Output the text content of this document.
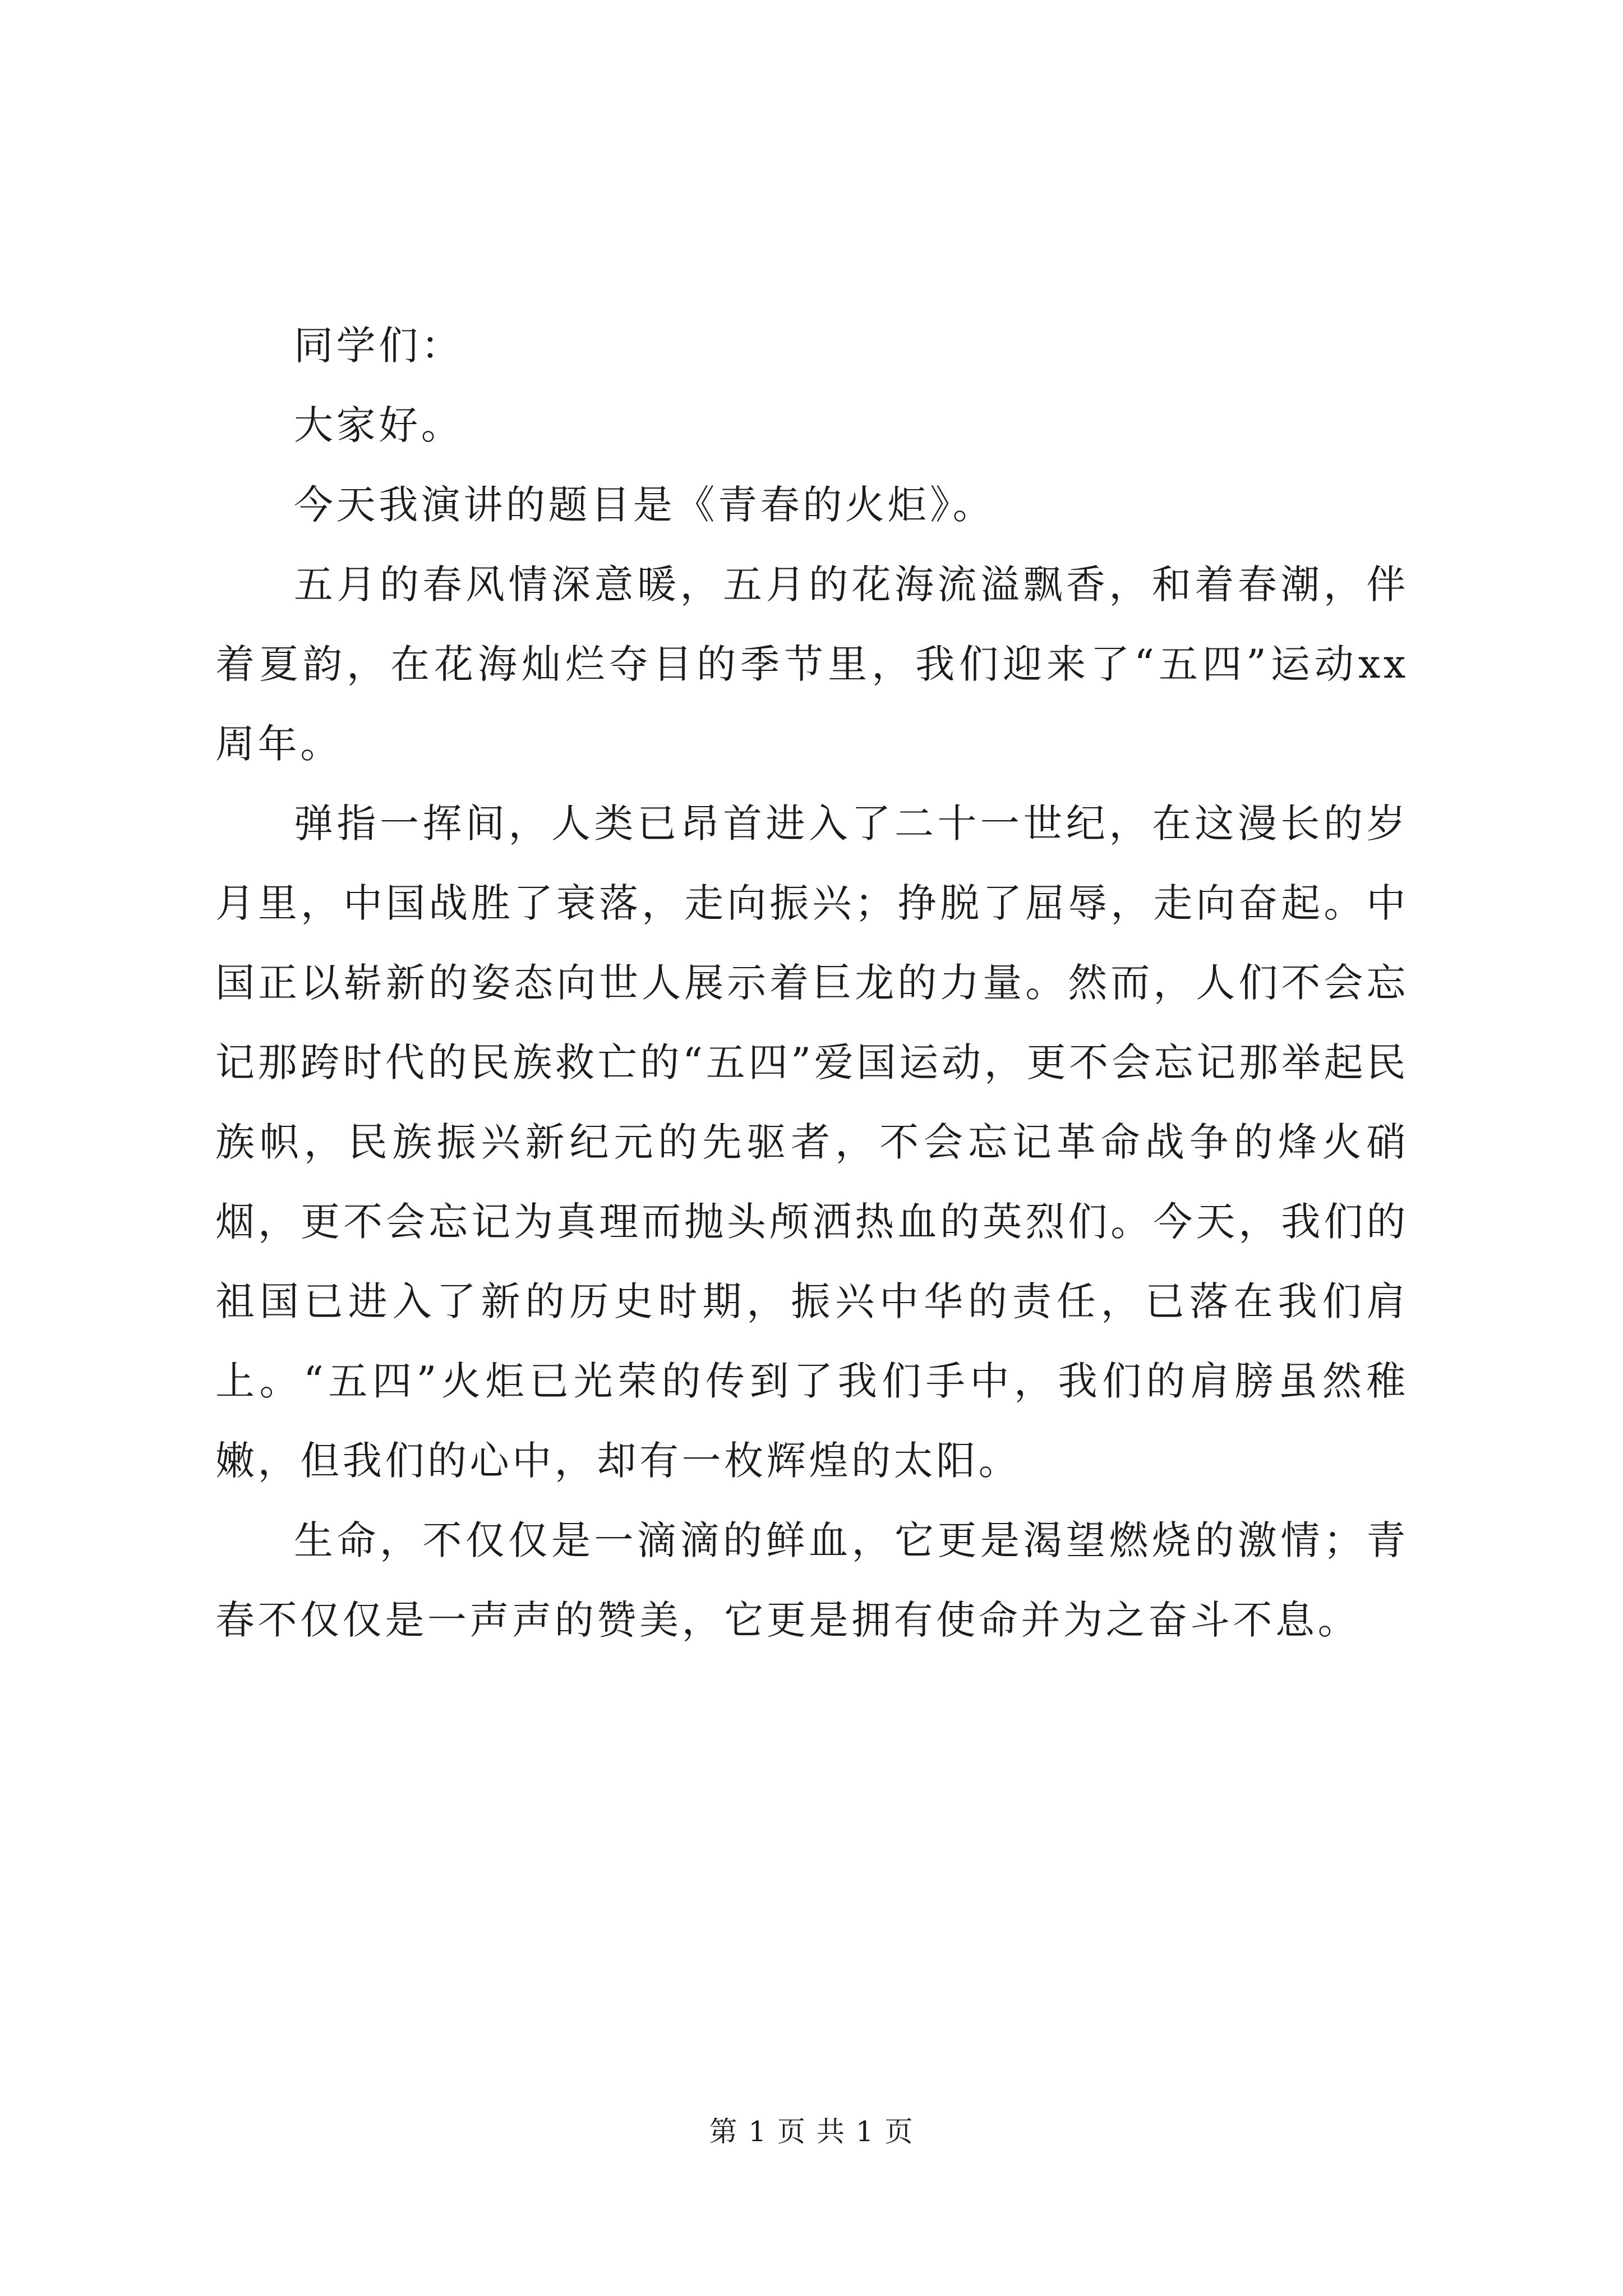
同学们：

大家好。

今天我演讲的题目是《青春的火炬》。

五月的春风情深意暖，五月的花海流溢飘香，和着春潮，伴着夏韵，在花海灿烂夺目的季节里，我们迎来了“五四”运动xx周年。

弹指一挥间，人类已昂首进入了二十一世纪，在这漫长的岁月里，中国战胜了衰落，走向振兴；挣脱了屈辱，走向奋起。中国正以崭新的姿态向世人展示着巨龙的力量。然而，人们不会忘记那跨时代的民族救亡的“五四”爱国运动，更不会忘记那举起民族帜，民族振兴新纪元的先驱者，不会忘记革命战争的烽火硝烟，更不会忘记为真理而抛头颅洒热血的英烈们。今天，我们的祖国已进入了新的历史时期，振兴中华的责任，已落在我们肩上。“五四”火炬已光荣的传到了我们手中，我们的肩膀虽然稚嫩，但我们的心中，却有一枚辉煌的太阳。

生命，不仅仅是一滴滴的鲜血，它更是渴望燃烧的激情；青春不仅仅是一声声的赞美，它更是拥有使命并为之奋斗不息。

第 1 页 共 1 页
